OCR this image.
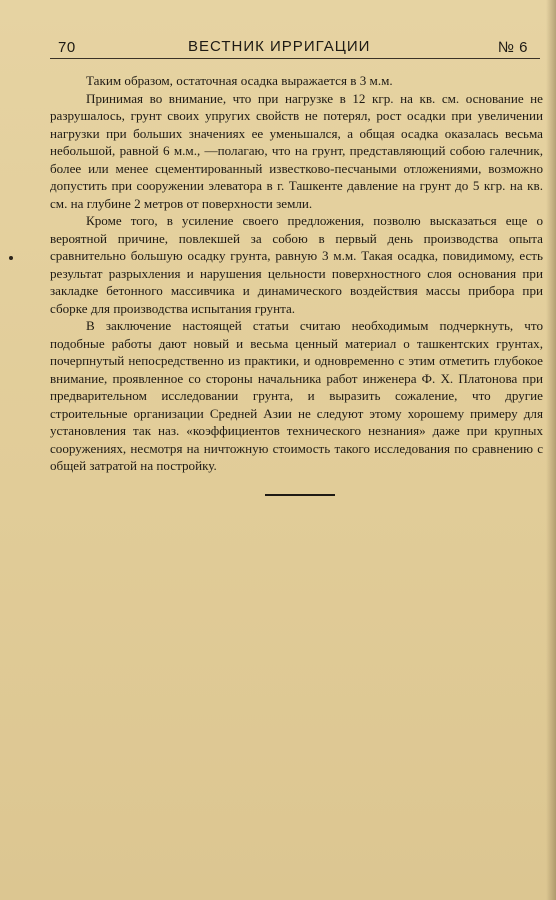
70	ВЕСТНИК ИРРИГАЦИИ	№ 6

Таким образом, остаточная осадка выражается в 3 м.м.

Принимая во внимание, что при нагрузке в 12 кгр. на кв. см. основание не разрушалось, грунт своих упругих свойств не потерял, рост осадки при увеличении нагрузки при больших значениях ее уменьшался, а общая осадка оказалась весьма небольшой, равной 6 м.м., —полагаю, что на грунт, представляющий собою галечник, более или менее сцементированный известково-песчаными отложениями, возможно допустить при сооружении элеватора в г. Ташкенте давление на грунт до 5 кгр. на кв. см. на глубине 2 метров от поверхности земли.

Кроме того, в усиление своего предложения, позволю высказаться еще о вероятной причине, повлекшей за собою в первый день производства опыта сравнительно большую осадку грунта, равную 3 м.м. Такая осадка, повидимому, есть результат разрыхления и нарушения цельности поверхностного слоя основания при закладке бетонного массивчика и динамического воздействия массы прибора при сборке для производства испытания грунта.

В заключение настоящей статьи считаю необходимым подчеркнуть, что подобные работы дают новый и весьма ценный материал о ташкентских грунтах, почерпнутый непосредственно из практики, и одновременно с этим отметить глубокое внимание, проявленное со стороны начальника работ инженера Ф. Х. Платонова при предварительном исследовании грунта, и выразить сожаление, что другие строительные организации Средней Азии не следуют этому хорошему примеру для установления так наз. «коэффициентов технического незнания» даже при крупных сооружениях, несмотря на ничтожную стоимость такого исследования по сравнению с общей затратой на постройку.
